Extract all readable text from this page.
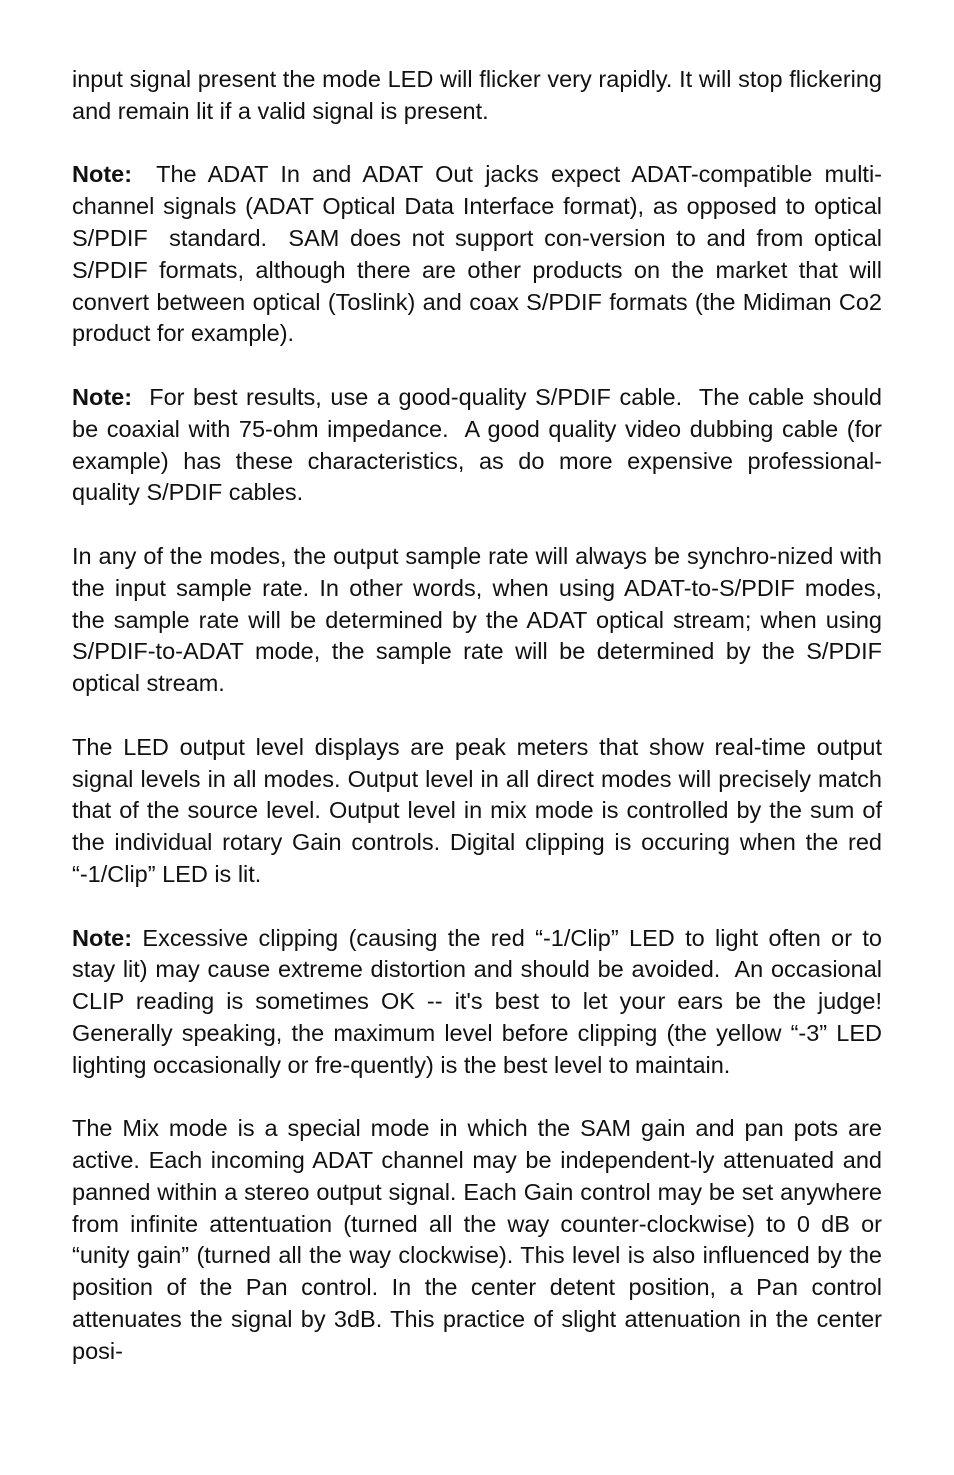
input signal present the mode LED will flicker very rapidly. It will stop flickering and remain lit if a valid signal is present.

Note:  The ADAT In and ADAT Out jacks expect ADAT-compatible multi-channel signals (ADAT Optical Data Interface format), as opposed to optical S/PDIF  standard.  SAM does not support con-version to and from optical S/PDIF formats, although there are other products on the market that will convert between optical (Toslink) and coax S/PDIF formats (the Midiman Co2 product for example).

Note:  For best results, use a good-quality S/PDIF cable.  The cable should be coaxial with 75-ohm impedance.  A good quality video dubbing cable (for example) has these characteristics, as do more expensive professional-quality S/PDIF cables.

In any of the modes, the output sample rate will always be synchro-nized with the input sample rate. In other words, when using ADAT-to-S/PDIF modes, the sample rate will be determined by the ADAT optical stream; when using S/PDIF-to-ADAT mode, the sample rate will be determined by the S/PDIF optical stream.

The LED output level displays are peak meters that show real-time output signal levels in all modes. Output level in all direct modes will precisely match that of the source level. Output level in mix mode is controlled by the sum of the individual rotary Gain controls. Digital clipping is occuring when the red “-1/Clip” LED is lit.

Note: Excessive clipping (causing the red “-1/Clip” LED to light often or to stay lit) may cause extreme distortion and should be avoided.  An occasional CLIP reading is sometimes OK -- it's best to let your ears be the judge!  Generally speaking, the maximum level before clipping (the yellow “-3” LED lighting occasionally or fre-quently) is the best level to maintain.

The Mix mode is a special mode in which the SAM gain and pan pots are active. Each incoming ADAT channel may be independent-ly attenuated and panned within a stereo output signal. Each Gain control may be set anywhere from infinite attentuation (turned all the way counter-clockwise) to 0 dB or “unity gain” (turned all the way clockwise). This level is also influenced by the position of the Pan control. In the center detent position, a Pan control attenuates the signal by 3dB. This practice of slight attenuation in the center posi-
